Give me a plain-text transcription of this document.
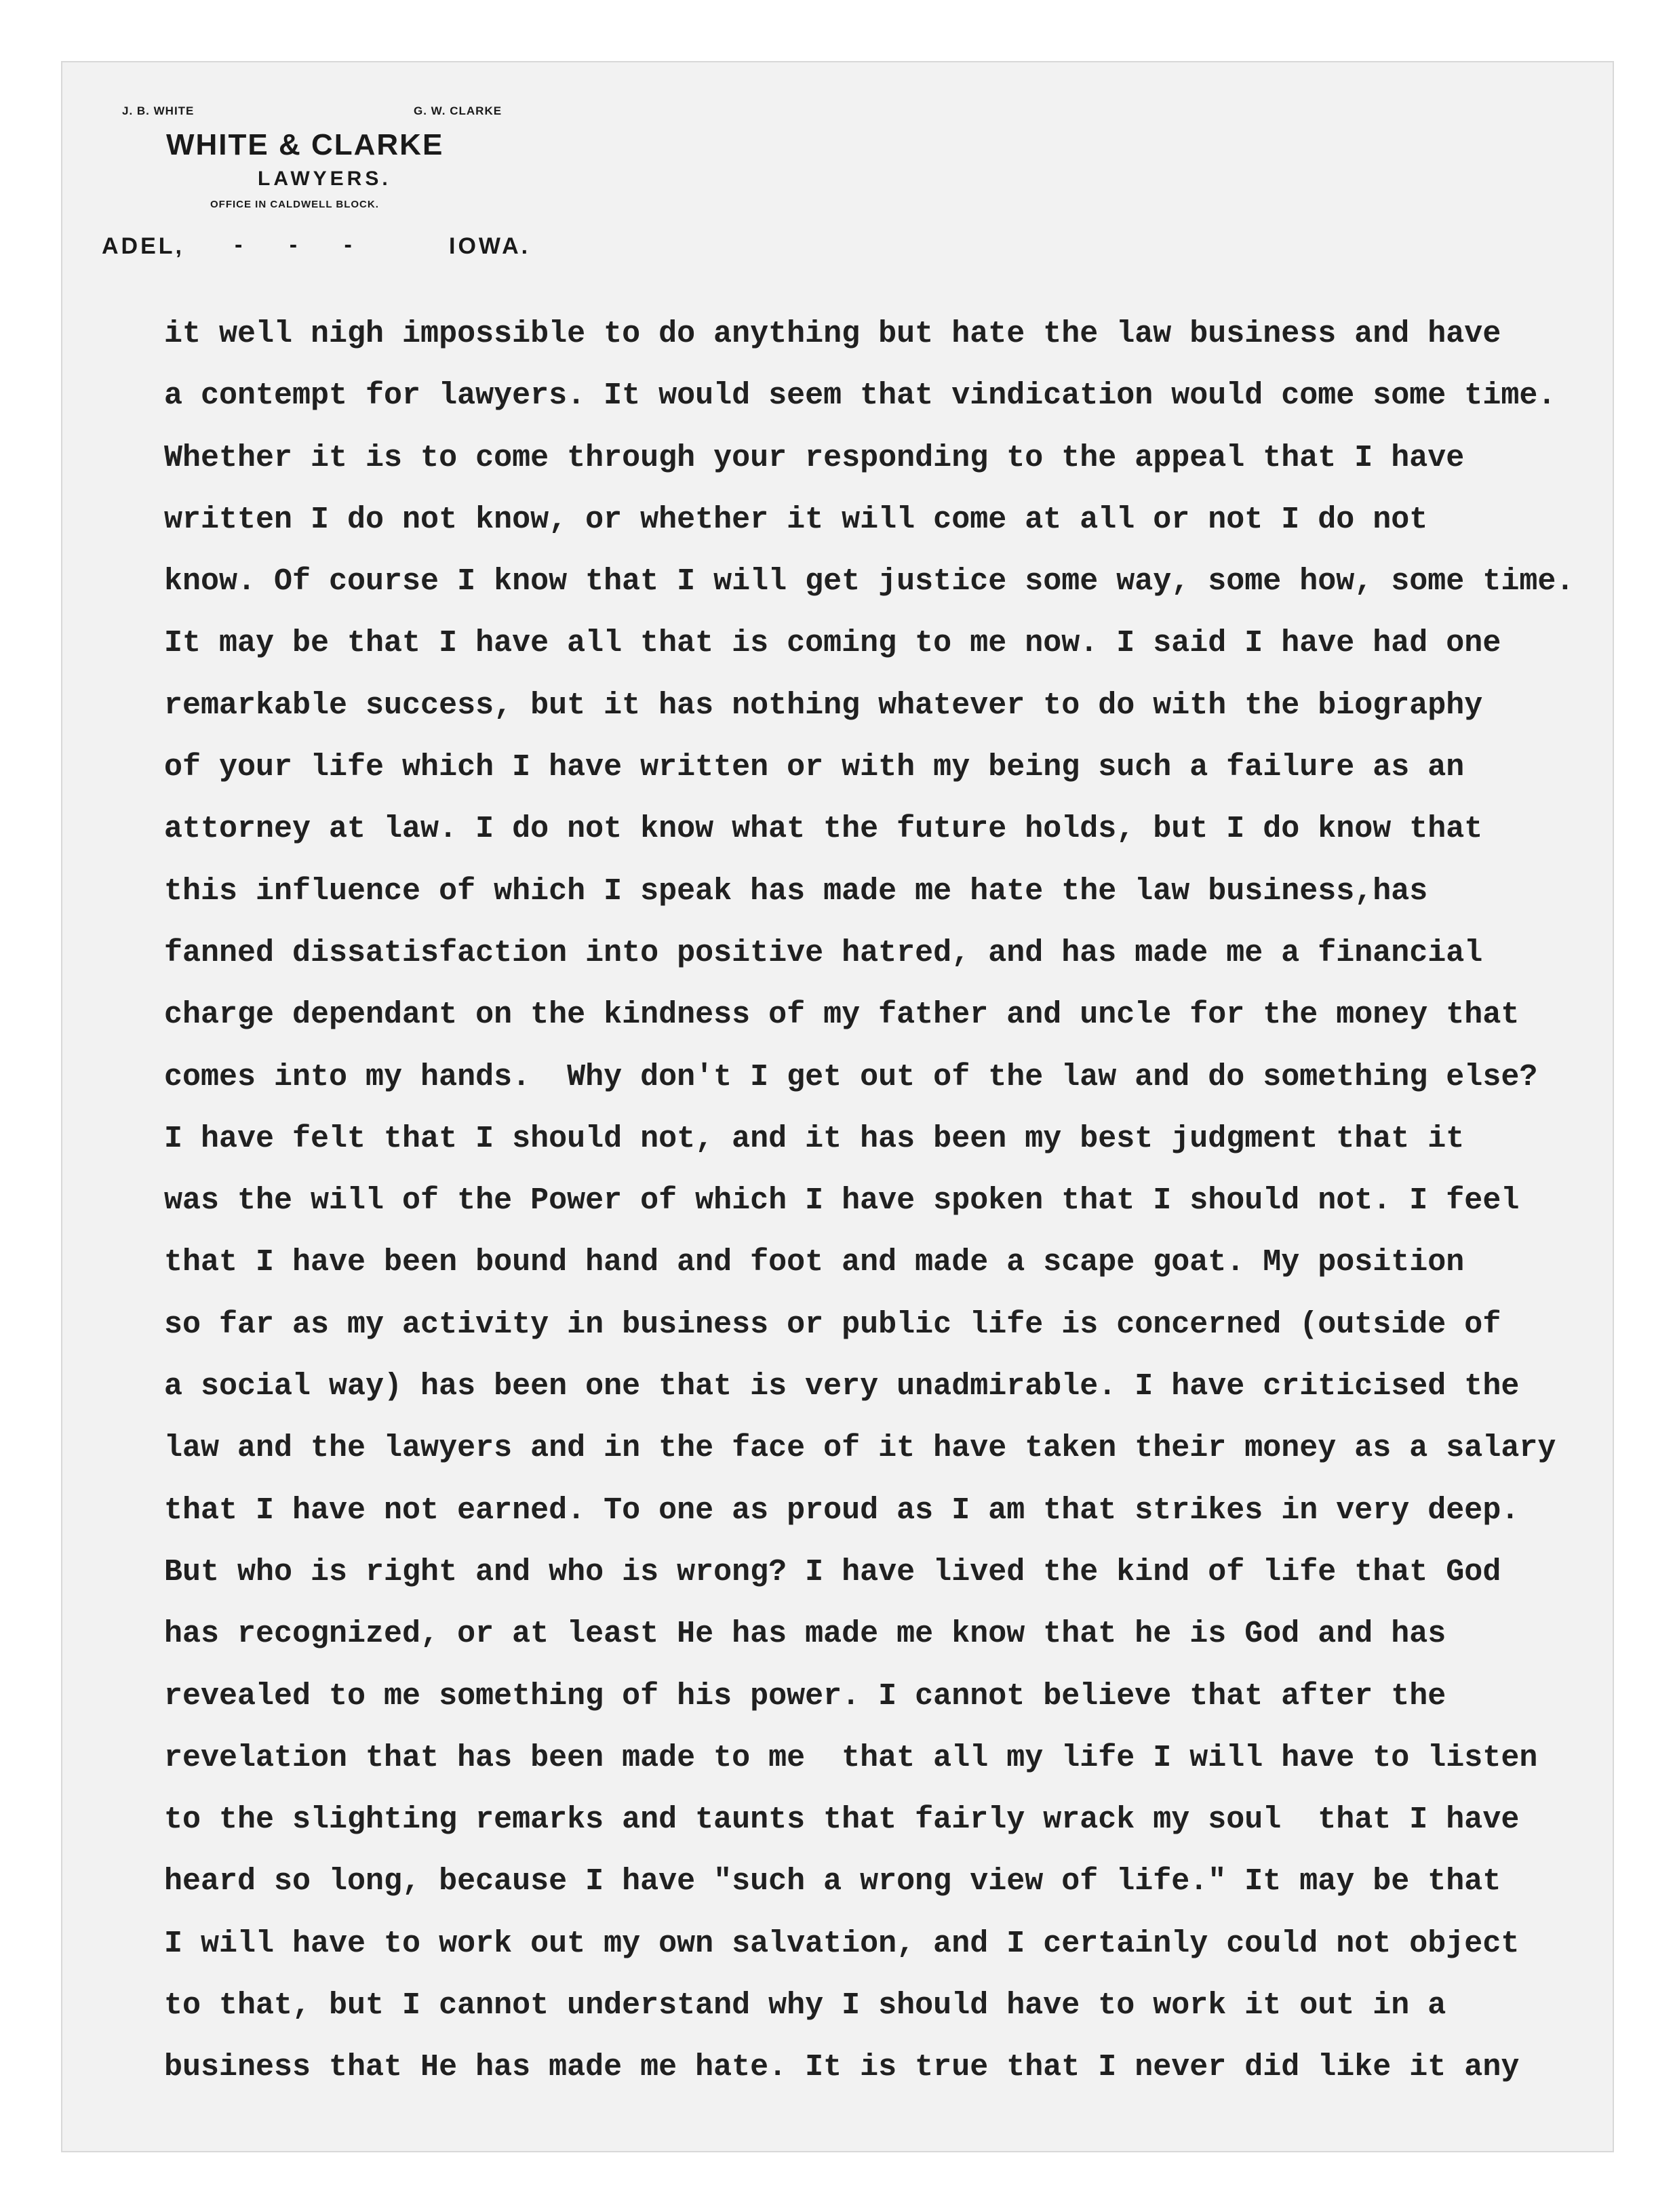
J. B. WHITE	G. W. CLARKE
WHITE & CLARKE
LAWYERS.
OFFICE IN CALDWELL BLOCK.
ADEL, - - -	IOWA.
it well nigh impossible to do anything but hate the law business and have
a contempt for lawyers. It would seem that vindication would come some time.
Whether it is to come through your responding to the appeal that I have
written I do not know, or whether it will come at all or not I do not
know. Of course I know that I will get justice some way, some how, some time.
It may be that I have all that is coming to me now. I said I have had one
remarkable success, but it has nothing whatever to do with the biography
of your life which I have written or with my being such a failure as an
attorney at law. I do not know what the future holds, but I do know that
this influence of which I speak has made me hate the law business,has
fanned dissatisfaction into positive hatred, and has made me a financial
charge dependant on the kindness of my father and uncle for the money that
comes into my hands.  Why don't I get out of the law and do something else?
I have felt that I should not, and it has been my best judgment that it
was the will of the Power of which I have spoken that I should not. I feel
that I have been bound hand and foot and made a scape goat. My position
so far as my activity in business or public life is concerned (outside of
a social way) has been one that is very unadmirable. I have criticised the
law and the lawyers and in the face of it have taken their money as a salary
that I have not earned. To one as proud as I am that strikes in very deep.
But who is right and who is wrong? I have lived the kind of life that God
has recognized, or at least He has made me know that he is God and has
revealed to me something of his power. I cannot believe that after the
revelation that has been made to me  that all my life I will have to listen
to the slighting remarks and taunts that fairly wrack my soul  that I have
heard so long, because I have "such a wrong view of life." It may be that
I will have to work out my own salvation, and I certainly could not object
to that, but I cannot understand why I should have to work it out in a
business that He has made me hate. It is true that I never did like it any
